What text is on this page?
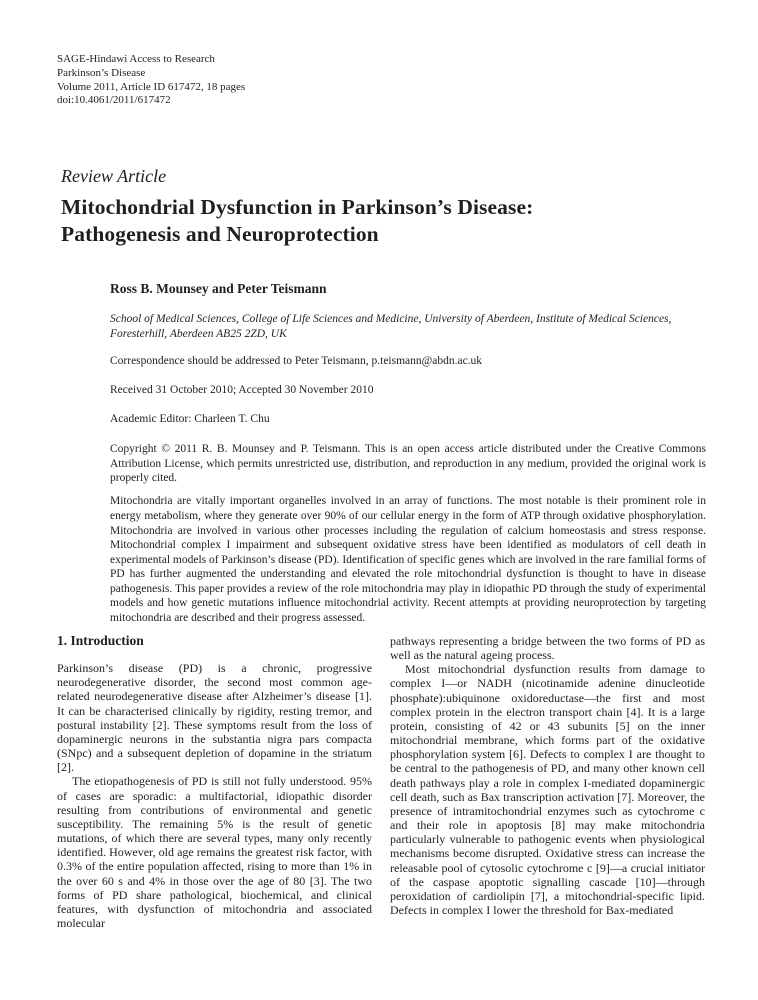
SAGE-Hindawi Access to Research
Parkinson’s Disease
Volume 2011, Article ID 617472, 18 pages
doi:10.4061/2011/617472
Review Article
Mitochondrial Dysfunction in Parkinson’s Disease: Pathogenesis and Neuroprotection

Ross B. Mounsey and Peter Teismann

School of Medical Sciences, College of Life Sciences and Medicine, University of Aberdeen, Institute of Medical Sciences, Foresterhill, Aberdeen AB25 2ZD, UK

Correspondence should be addressed to Peter Teismann, p.teismann@abdn.ac.uk

Received 31 October 2010; Accepted 30 November 2010

Academic Editor: Charleen T. Chu

Copyright © 2011 R. B. Mounsey and P. Teismann. This is an open access article distributed under the Creative Commons Attribution License, which permits unrestricted use, distribution, and reproduction in any medium, provided the original work is properly cited.

Mitochondria are vitally important organelles involved in an array of functions. The most notable is their prominent role in energy metabolism, where they generate over 90% of our cellular energy in the form of ATP through oxidative phosphorylation. Mitochondria are involved in various other processes including the regulation of calcium homeostasis and stress response. Mitochondrial complex I impairment and subsequent oxidative stress have been identified as modulators of cell death in experimental models of Parkinson’s disease (PD). Identification of specific genes which are involved in the rare familial forms of PD has further augmented the understanding and elevated the role mitochondrial dysfunction is thought to have in disease pathogenesis. This paper provides a review of the role mitochondria may play in idiopathic PD through the study of experimental models and how genetic mutations influence mitochondrial activity. Recent attempts at providing neuroprotection by targeting mitochondria are described and their progress assessed.

1. Introduction

Parkinson’s disease (PD) is a chronic, progressive neurodegenerative disorder, the second most common age-related neurodegenerative disease after Alzheimer’s disease [1]. It can be characterised clinically by rigidity, resting tremor, and postural instability [2]. These symptoms result from the loss of dopaminergic neurons in the substantia nigra pars compacta (SNpc) and a subsequent depletion of dopamine in the striatum [2].

The etiopathogenesis of PD is still not fully understood. 95% of cases are sporadic: a multifactorial, idiopathic disorder resulting from contributions of environmental and genetic susceptibility. The remaining 5% is the result of genetic mutations, of which there are several types, many only recently identified. However, old age remains the greatest risk factor, with 0.3% of the entire population affected, rising to more than 1% in the over 60 s and 4% in those over the age of 80 [3]. The two forms of PD share pathological, biochemical, and clinical features, with dysfunction of mitochondria and associated molecular

pathways representing a bridge between the two forms of PD as well as the natural ageing process.

Most mitochondrial dysfunction results from damage to complex I—or NADH (nicotinamide adenine dinucleotide phosphate):ubiquinone oxidoreductase—the first and most complex protein in the electron transport chain [4]. It is a large protein, consisting of 42 or 43 subunits [5] on the inner mitochondrial membrane, which forms part of the oxidative phosphorylation system [6]. Defects to complex I are thought to be central to the pathogenesis of PD, and many other known cell death pathways play a role in complex I-mediated dopaminergic cell death, such as Bax transcription activation [7]. Moreover, the presence of intramitochondrial enzymes such as cytochrome c and their role in apoptosis [8] may make mitochondria particularly vulnerable to pathogenic events when physiological mechanisms become disrupted. Oxidative stress can increase the releasable pool of cytosolic cytochrome c [9]—a crucial initiator of the caspase apoptotic signalling cascade [10]—through peroxidation of cardiolipin [7], a mitochondrial-specific lipid. Defects in complex I lower the threshold for Bax-mediated
